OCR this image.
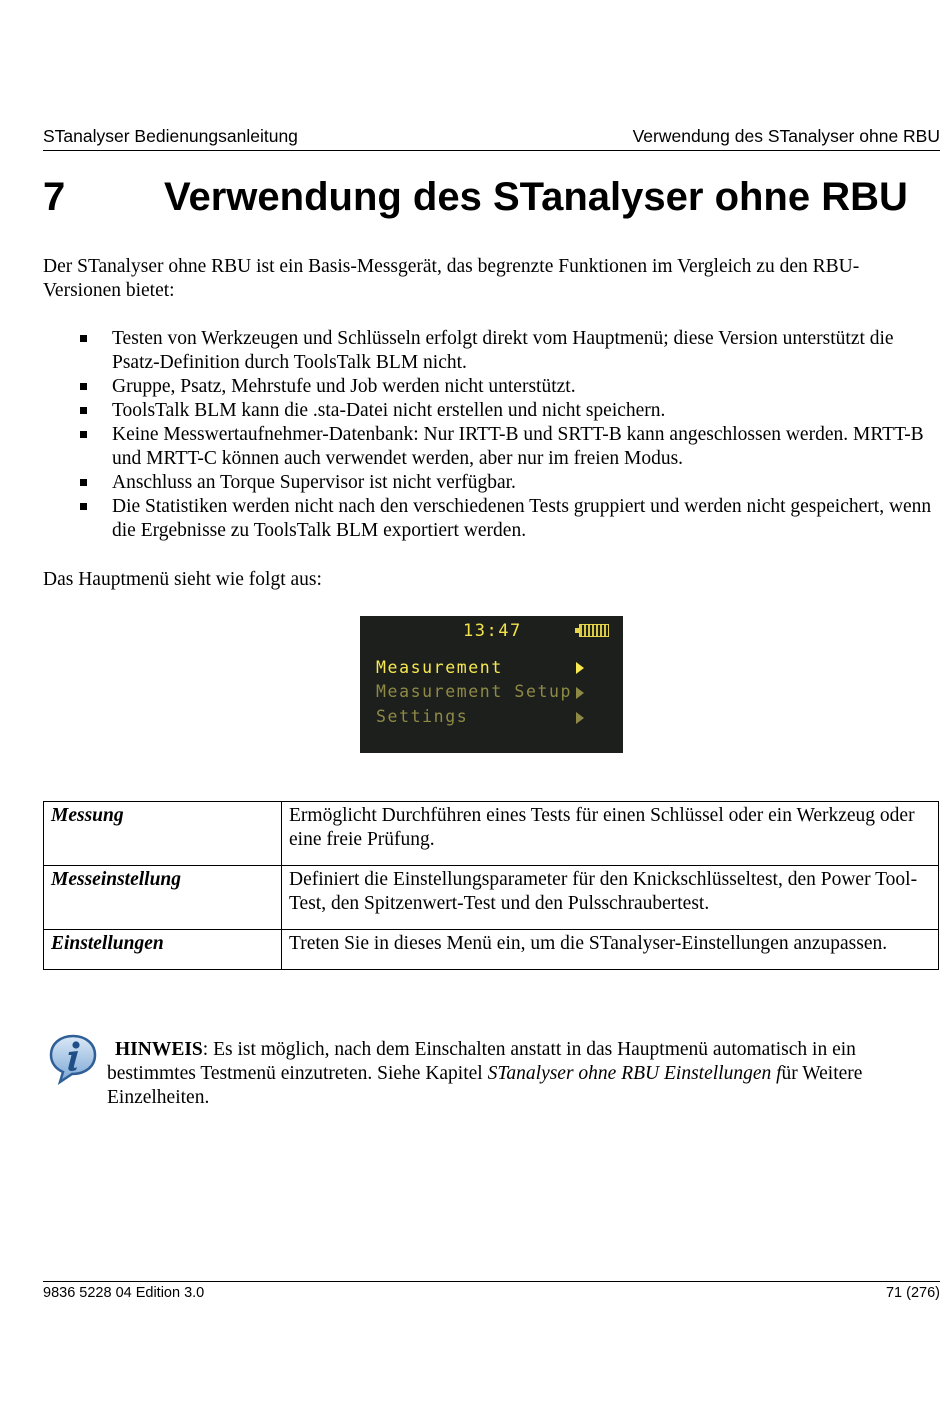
STanalyser Bedienungsanleitung	Verwendung des STanalyser ohne RBU
7 Verwendung des STanalyser ohne RBU
Der STanalyser ohne RBU ist ein Basis-Messgerät, das begrenzte Funktionen im Vergleich zu den RBU-Versionen bietet:
Testen von Werkzeugen und Schlüsseln erfolgt direkt vom Hauptmenü; diese Version unterstützt die Psatz-Definition durch ToolsTalk BLM nicht.
Gruppe, Psatz, Mehrstufe und Job werden nicht unterstützt.
ToolsTalk BLM kann die .sta-Datei nicht erstellen und nicht speichern.
Keine Messwertaufnehmer-Datenbank: Nur IRTT-B und SRTT-B kann angeschlossen werden. MRTT-B und MRTT-C können auch verwendet werden, aber nur im freien Modus.
Anschluss an Torque Supervisor ist nicht verfügbar.
Die Statistiken werden nicht nach den verschiedenen Tests gruppiert und werden nicht gespeichert, wenn die Ergebnisse zu ToolsTalk BLM exportiert werden.
Das Hauptmenü sieht wie folgt aus:
13:47
Measurement
Measurement Setup
Settings
Messung	Ermöglicht Durchführen eines Tests für einen Schlüssel oder ein Werkzeug oder eine freie Prüfung.
Messeinstellung	Definiert die Einstellungsparameter für den Knickschlüsseltest, den Power Tool-Test, den Spitzenwert-Test und den Pulsschraubertest.
Einstellungen	Treten Sie in dieses Menü ein, um die STanalyser-Einstellungen anzupassen.
HINWEIS: Es ist möglich, nach dem Einschalten anstatt in das Hauptmenü automatisch in ein bestimmtes Testmenü einzutreten. Siehe Kapitel STanalyser ohne RBU Einstellungen für Weitere Einzelheiten.
9836 5228 04 Edition 3.0	71 (276)
